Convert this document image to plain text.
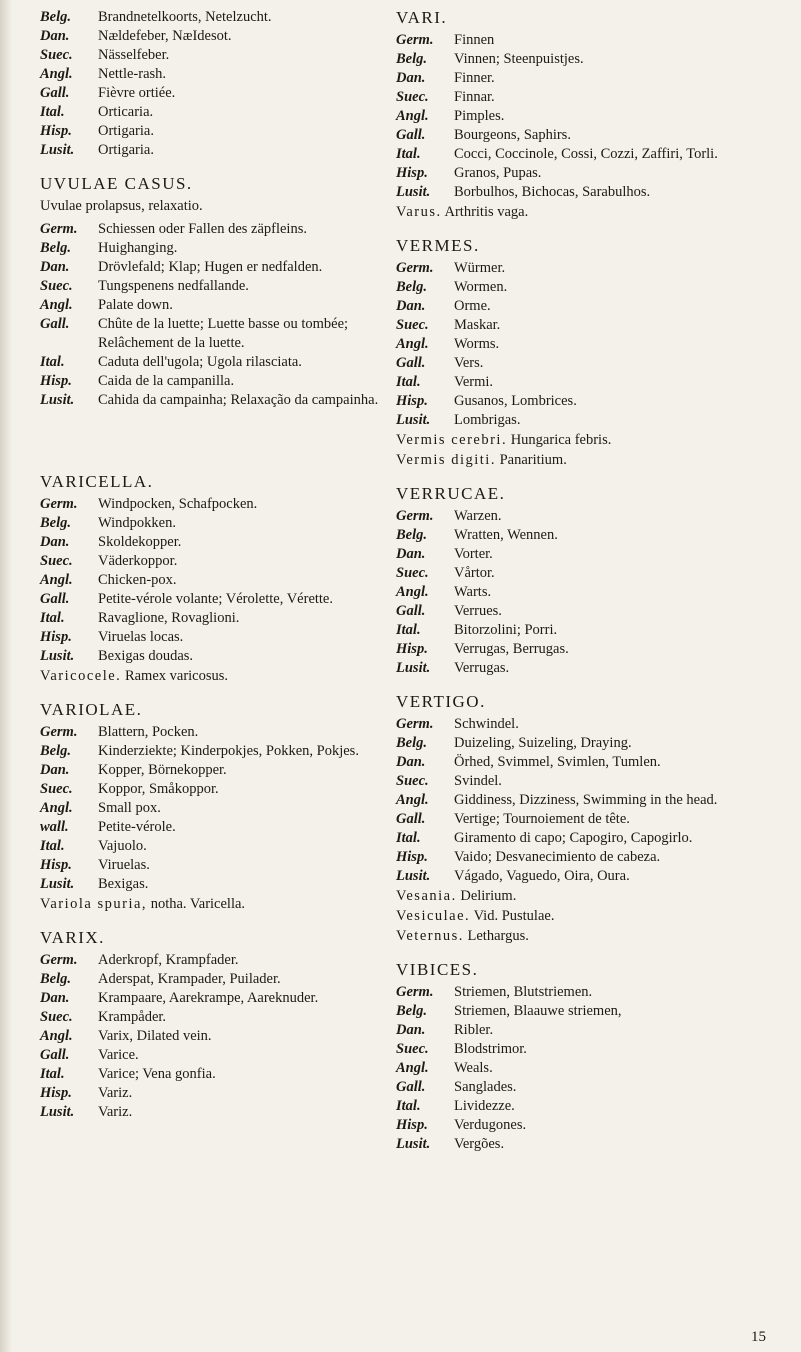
Belg.	Brandnetelkoorts, Netelzucht.
Dan.	Nældefeber, NæIdesot.
Suec.	Nässelfeber.
Angl.	Nettle-rash.
Gall.	Fièvre ortiée.
Ital.	Orticaria.
Hisp.	Ortigaria.
Lusit.	Ortigaria.
UVULAE CASUS.
Uvulae prolapsus, relaxatio.
Germ.	Schiessen oder Fallen des zäpfleins.
Belg.	Huighanging.
Dan.	Drövlefald; Klap; Hugen er nedfalden.
Suec.	Tungspenens nedfallande.
Angl.	Palate down.
Gall.	Chûte de la luette; Luette basse ou tombée; Relâchement de la luette.
Ital.	Caduta dell'ugola; Ugola rilasciata.
Hisp.	Caida de la campanilla.
Lusit.	Cahida da campainha; Relaxação da campainha.
VARICELLA.
Germ.	Windpocken, Schafpocken.
Belg.	Windpokken.
Dan.	Skoldekopper.
Suec.	Väderkoppor.
Angl.	Chicken-pox.
Gall.	Petite-vérole volante; Vérolette, Vérette.
Ital.	Ravaglione, Rovaglioni.
Hisp.	Viruelas locas.
Lusit.	Bexigas doudas.
Varicocele. Ramex varicosus.
VARIOLAE.
Germ.	Blattern, Pocken.
Belg.	Kinderziekte; Kinderpokjes, Pokken, Pokjes.
Dan.	Kopper, Börnekopper.
Suec.	Koppor, Småkoppor.
Angl.	Small pox.
wall.	Petite-vérole.
Ital.	Vajuolo.
Hisp.	Viruelas.
Lusit.	Bexigas.
Variola spuria, notha. Varicella.
VARIX.
Germ.	Aderkropf, Krampfader.
Belg.	Aderspat, Krampader, Puilader.
Dan.	Krampaare, Aarekrampe, Aareknuder.
Suec.	Krampåder.
Angl.	Varix, Dilated vein.
Gall.	Varice.
Ital.	Varice; Vena gonfia.
Hisp.	Variz.
Lusit.	Variz.
VARI.
Germ.	Finnen
Belg.	Vinnen; Steenpuistjes.
Dan.	Finner.
Suec.	Finnar.
Angl.	Pimples.
Gall.	Bourgeons, Saphirs.
Ital.	Cocci, Coccinole, Cossi, Cozzi, Zaffiri, Torli.
Hisp.	Granos, Pupas.
Lusit.	Borbulhos, Bichocas, Sarabulhos.
Varus. Arthritis vaga.
VERMES.
Germ.	Würmer.
Belg.	Wormen.
Dan.	Orme.
Suec.	Maskar.
Angl.	Worms.
Gall.	Vers.
Ital.	Vermi.
Hisp.	Gusanos, Lombrices.
Lusit.	Lombrigas.
Vermis cerebri. Hungarica febris.
Vermis digiti. Panaritium.
VERRUCAE.
Germ.	Warzen.
Belg.	Wratten, Wennen.
Dan.	Vorter.
Suec.	Vårtor.
Angl.	Warts.
Gall.	Verrues.
Ital.	Bitorzolini; Porri.
Hisp.	Verrugas, Berrugas.
Lusit.	Verrugas.
VERTIGO.
Germ.	Schwindel.
Belg.	Duizeling, Suizeling, Draying.
Dan.	Örhed, Svimmel, Svimlen, Tumlen.
Suec.	Svindel.
Angl.	Giddiness, Dizziness, Swimming in the head.
Gall.	Vertige; Tournoiement de tête.
Ital.	Giramento di capo; Capogiro, Capogirlo.
Hisp.	Vaido; Desvanecimiento de cabeza.
Lusit.	Vágado, Vaguedo, Oira, Oura.
Vesania. Delirium.
Vesiculae. Vid. Pustulae.
Veternus. Lethargus.
VIBICES.
Germ.	Striemen, Blutstriemen.
Belg.	Striemen, Blaauwe striemen,
Dan.	Ribler.
Suec.	Blodstrimor.
Angl.	Weals.
Gall.	Sanglades.
Ital.	Lividezze.
Hisp.	Verdugones.
Lusit.	Vergões.
15
